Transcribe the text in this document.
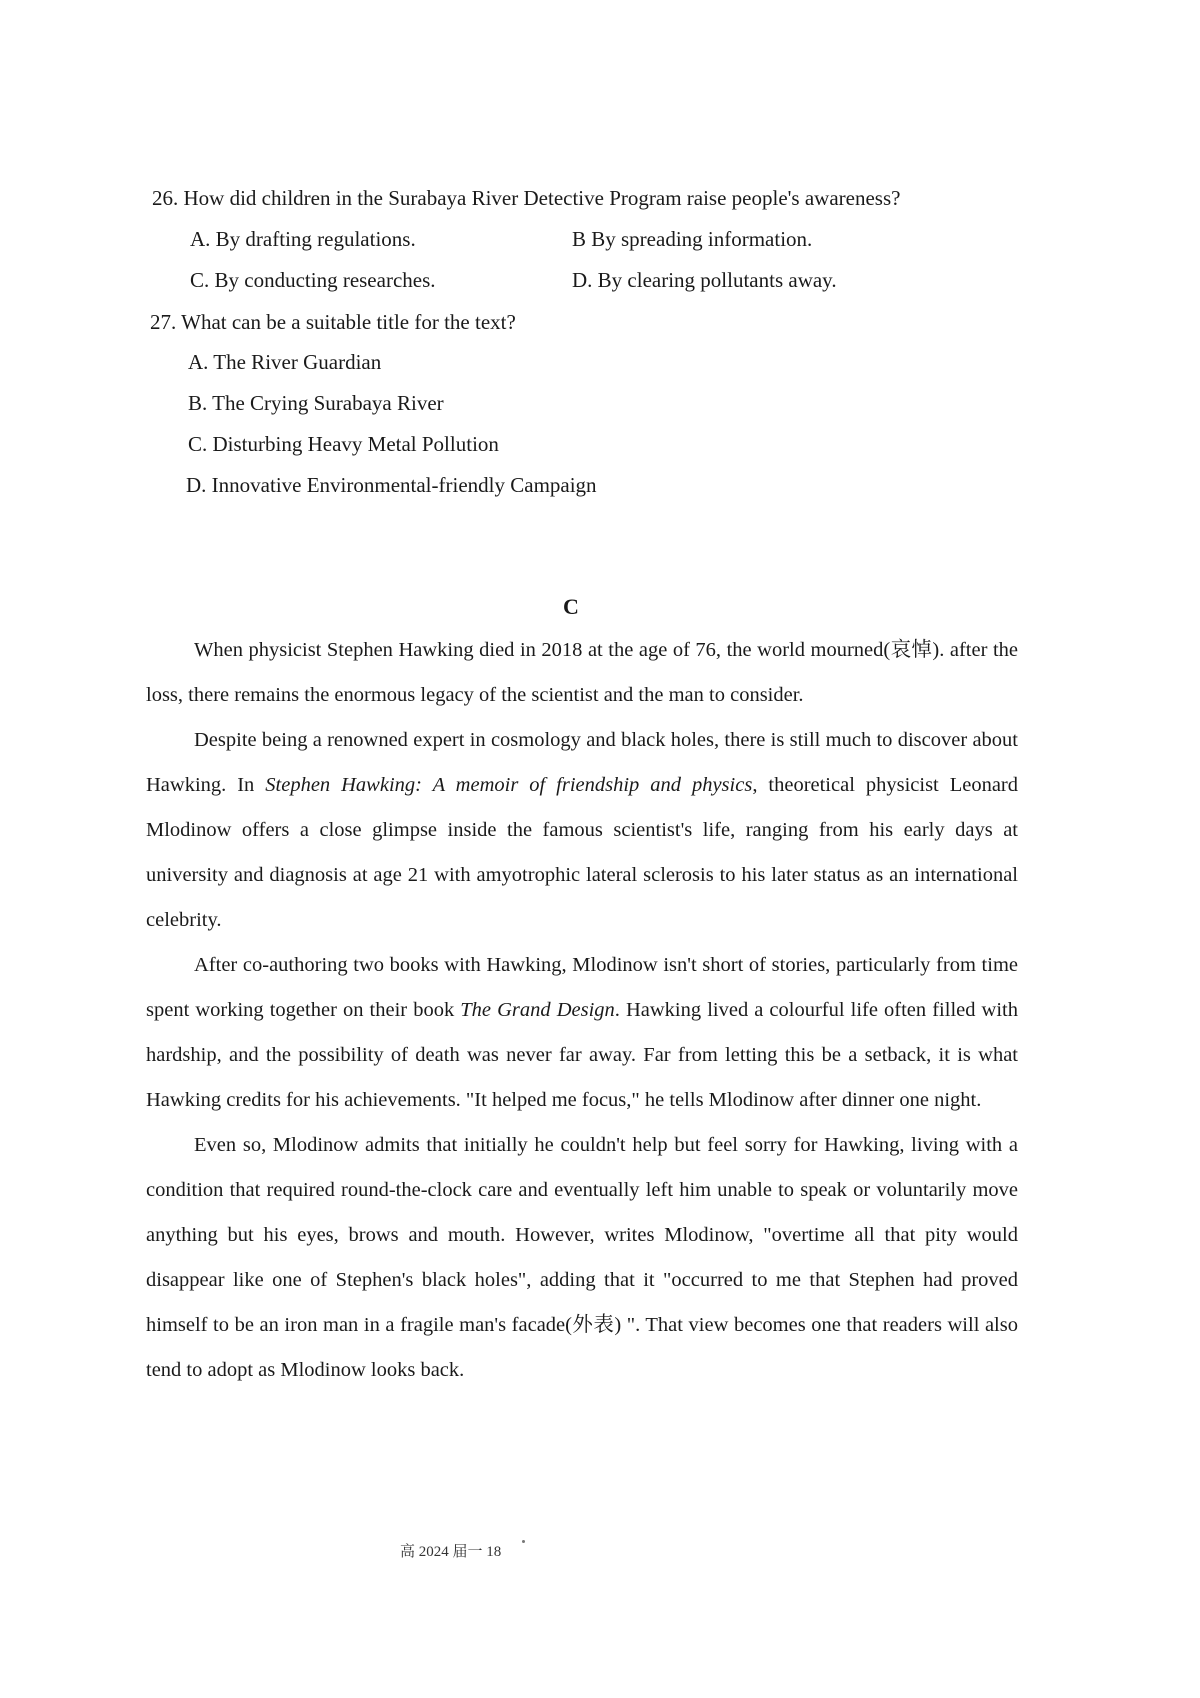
26. How did children in the Surabaya River Detective Program raise people's awareness?
A. By drafting regulations.	B By spreading information.
C. By conducting researches.	D. By clearing pollutants away.
27. What can be a suitable title for the text?
A. The River Guardian
B. The Crying Surabaya River
C. Disturbing Heavy Metal Pollution
D. Innovative Environmental-friendly Campaign
C

When physicist Stephen Hawking died in 2018 at the age of 76, the world mourned(哀悼). after the loss, there remains the enormous legacy of the scientist and the man to consider.

Despite being a renowned expert in cosmology and black holes, there is still much to discover about Hawking. In Stephen Hawking: A memoir of friendship and physics, theoretical physicist Leonard Mlodinow offers a close glimpse inside the famous scientist's life, ranging from his early days at university and diagnosis at age 21 with amyotrophic lateral sclerosis to his later status as an international celebrity.

After co-authoring two books with Hawking, Mlodinow isn't short of stories, particularly from time spent working together on their book The Grand Design. Hawking lived a colourful life often filled with hardship, and the possibility of death was never far away. Far from letting this be a setback, it is what Hawking credits for his achievements. "It helped me focus," he tells Mlodinow after dinner one night.

Even so, Mlodinow admits that initially he couldn't help but feel sorry for Hawking, living with a condition that required round-the-clock care and eventually left him unable to speak or voluntarily move anything but his eyes, brows and mouth. However, writes Mlodinow, "overtime all that pity would disappear like one of Stephen's black holes", adding that it "occurred to me that Stephen had proved himself to be an iron man in a fragile man's facade(外表) ". That view becomes one that readers will also tend to adopt as Mlodinow looks back.

高 2024 届一 18
